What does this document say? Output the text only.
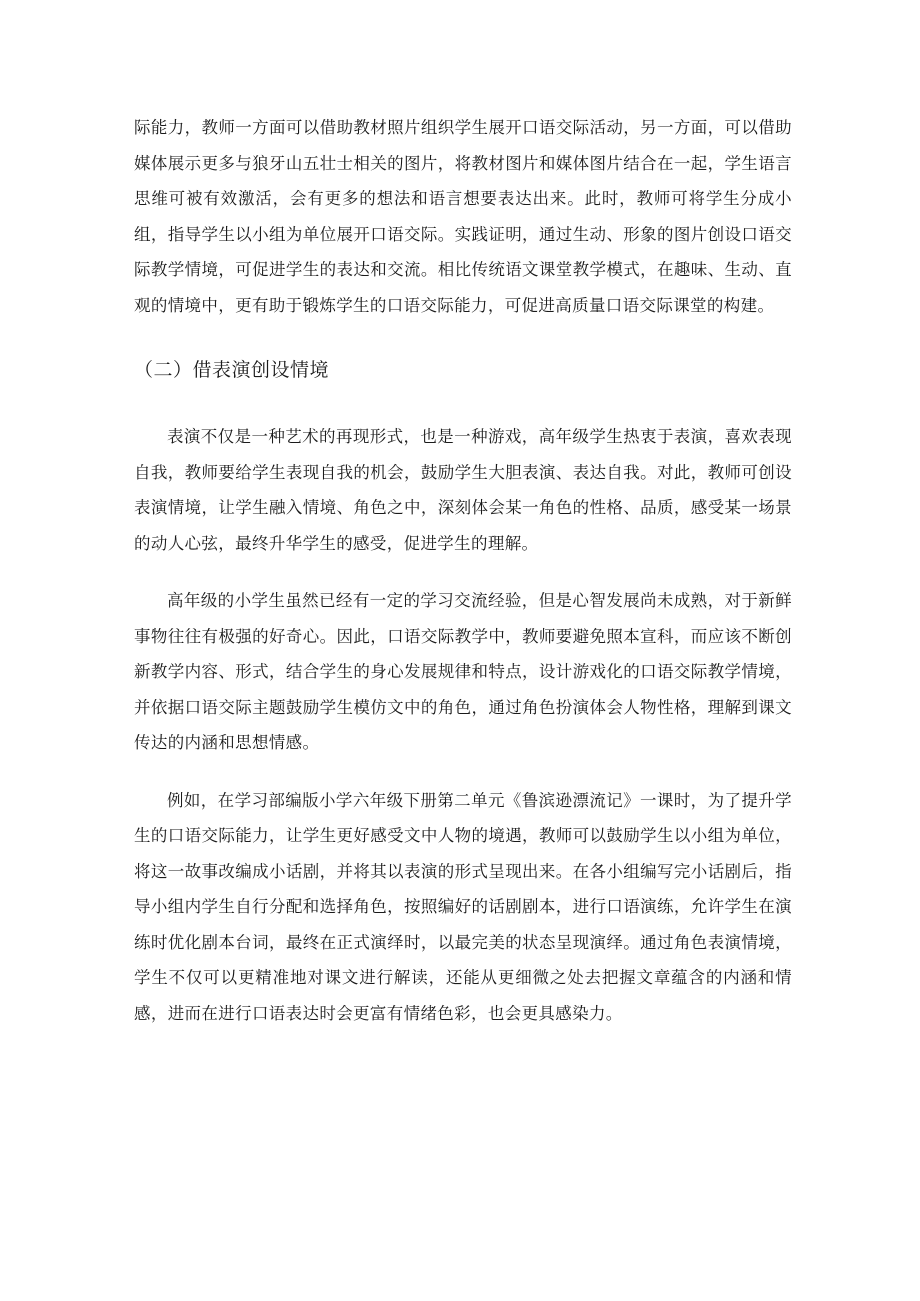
际能力，教师一方面可以借助教材照片组织学生展开口语交际活动，另一方面，可以借助媒体展示更多与狼牙山五壮士相关的图片，将教材图片和媒体图片结合在一起，学生语言思维可被有效激活，会有更多的想法和语言想要表达出来。此时，教师可将学生分成小组，指导学生以小组为单位展开口语交际。实践证明，通过生动、形象的图片创设口语交际教学情境，可促进学生的表达和交流。相比传统语文课堂教学模式，在趣味、生动、直观的情境中，更有助于锻炼学生的口语交际能力，可促进高质量口语交际课堂的构建。

（二）借表演创设情境

表演不仅是一种艺术的再现形式，也是一种游戏，高年级学生热衷于表演，喜欢表现自我，教师要给学生表现自我的机会，鼓励学生大胆表演、表达自我。对此，教师可创设表演情境，让学生融入情境、角色之中，深刻体会某一角色的性格、品质，感受某一场景的动人心弦，最终升华学生的感受，促进学生的理解。

高年级的小学生虽然已经有一定的学习交流经验，但是心智发展尚未成熟，对于新鲜事物往往有极强的好奇心。因此，口语交际教学中，教师要避免照本宣科，而应该不断创新教学内容、形式，结合学生的身心发展规律和特点，设计游戏化的口语交际教学情境，并依据口语交际主题鼓励学生模仿文中的角色，通过角色扮演体会人物性格，理解到课文传达的内涵和思想情感。

例如，在学习部编版小学六年级下册第二单元《鲁滨逊漂流记》一课时，为了提升学生的口语交际能力，让学生更好感受文中人物的境遇，教师可以鼓励学生以小组为单位，将这一故事改编成小话剧，并将其以表演的形式呈现出来。在各小组编写完小话剧后，指导小组内学生自行分配和选择角色，按照编好的话剧剧本，进行口语演练，允许学生在演练时优化剧本台词，最终在正式演绎时，以最完美的状态呈现演绎。通过角色表演情境，学生不仅可以更精准地对课文进行解读，还能从更细微之处去把握文章蕴含的内涵和情感，进而在进行口语表达时会更富有情绪色彩，也会更具感染力。
